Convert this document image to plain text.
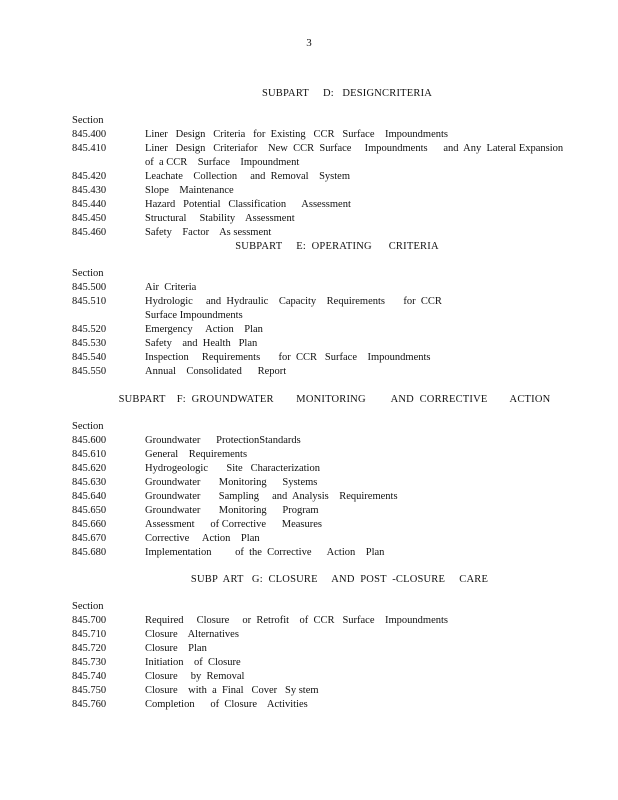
3
SUBPART     D:   DESIGNCRITERIA
Section
845.400	Liner   Design   Criteria   for  Existing   CCR   Surface    Impoundments
845.410	Liner   Design   Criteriafor    New  CCR  Surface     Impoundments      and  Any  Lateral Expansion   of  a CCR    Surface    Impoundment
845.420	Leachate    Collection     and  Removal    System
845.430	Slope    Maintenance
845.440	Hazard   Potential   Classification      Assessment
845.450	Structural     Stability    Assessment
845.460	Safety    Factor    As sessment
SUBPART     E:  OPERATING      CRITERIA
Section
845.500	Air  Criteria
845.510	Hydrologic     and  Hydraulic    Capacity    Requirements       for  CCR   Surface Impoundments
845.520	Emergency     Action    Plan
845.530	Safety    and  Health   Plan
845.540	Inspection     Requirements       for  CCR   Surface    Impoundments
845.550	Annual    Consolidated      Report
SUBPART    F:  GROUNDWATER        MONITORING         AND  CORRECTIVE        ACTION
Section
845.600	Groundwater      ProtectionStandards
845.610	General    Requirements
845.620	Hydrogeologic       Site   Characterization
845.630	Groundwater       Monitoring      Systems
845.640	Groundwater       Sampling     and  Analysis    Requirements
845.650	Groundwater       Monitoring      Program
845.660	Assessment      of Corrective      Measures
845.670	Corrective     Action    Plan
845.680	Implementation         of  the  Corrective      Action    Plan
SUBP  ART   G:  CLOSURE     AND  POST  -CLOSURE     CARE
Section
845.700	Required     Closure     or  Retrofit    of  CCR   Surface    Impoundments
845.710	Closure    Alternatives
845.720	Closure    Plan
845.730	Initiation    of  Closure
845.740	Closure     by  Removal
845.750	Closure    with  a  Final   Cover   Sy stem
845.760	Completion      of  Closure    Activities
